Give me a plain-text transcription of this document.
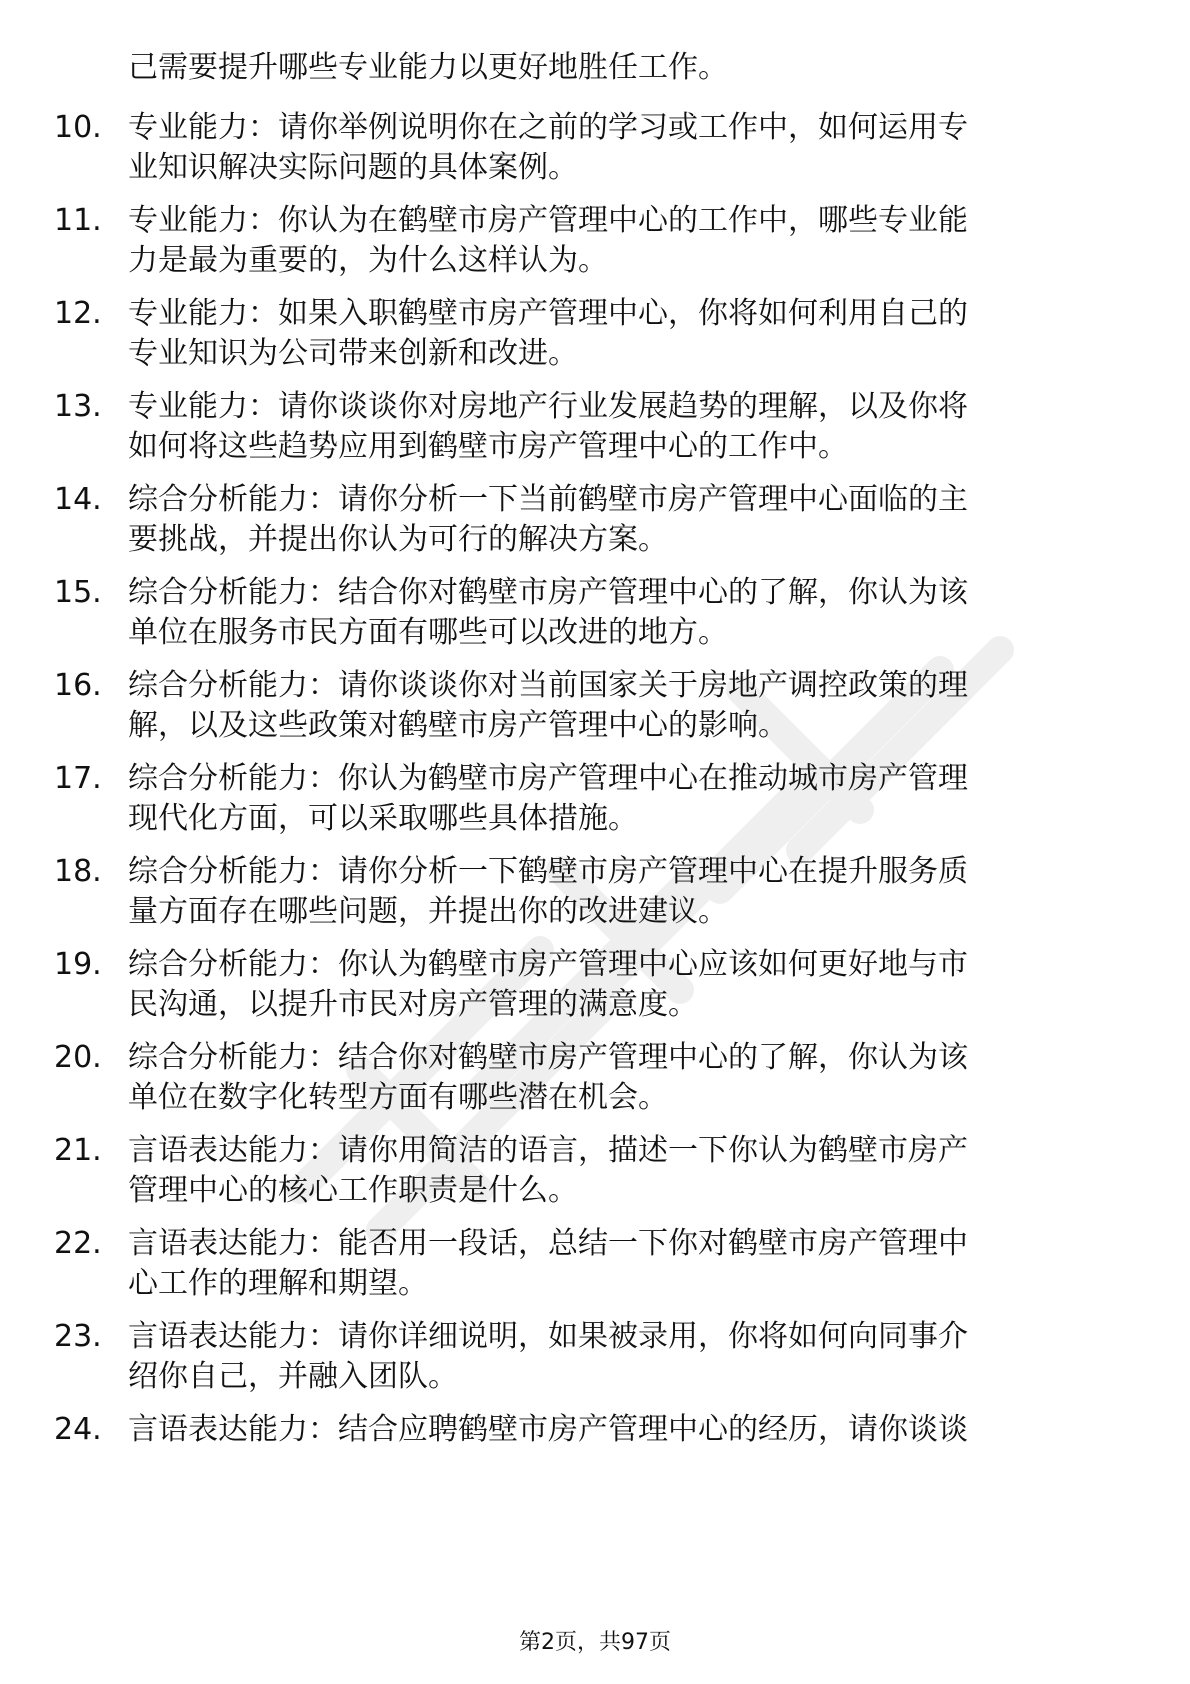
己需要提升哪些专业能力以更好地胜任工作。
10. 专业能力：请你举例说明你在之前的学习或工作中，如何运用专
业知识解决实际问题的具体案例。
11. 专业能力：你认为在鹤壁市房产管理中心的工作中，哪些专业能
力是最为重要的，为什么这样认为。
12. 专业能力：如果入职鹤壁市房产管理中心，你将如何利用自己的
专业知识为公司带来创新和改进。
13. 专业能力：请你谈谈你对房地产行业发展趋势的理解，以及你将
如何将这些趋势应用到鹤壁市房产管理中心的工作中。
14. 综合分析能力：请你分析一下当前鹤壁市房产管理中心面临的主
要挑战，并提出你认为可行的解决方案。
15. 综合分析能力：结合你对鹤壁市房产管理中心的了解，你认为该
单位在服务市民方面有哪些可以改进的地方。
16. 综合分析能力：请你谈谈你对当前国家关于房地产调控政策的理
解，以及这些政策对鹤壁市房产管理中心的影响。
17. 综合分析能力：你认为鹤壁市房产管理中心在推动城市房产管理
现代化方面，可以采取哪些具体措施。
18. 综合分析能力：请你分析一下鹤壁市房产管理中心在提升服务质
量方面存在哪些问题，并提出你的改进建议。
19. 综合分析能力：你认为鹤壁市房产管理中心应该如何更好地与市
民沟通，以提升市民对房产管理的满意度。
20. 综合分析能力：结合你对鹤壁市房产管理中心的了解，你认为该
单位在数字化转型方面有哪些潜在机会。
21. 言语表达能力：请你用简洁的语言，描述一下你认为鹤壁市房产
管理中心的核心工作职责是什么。
22. 言语表达能力：能否用一段话，总结一下你对鹤壁市房产管理中
心工作的理解和期望。
23. 言语表达能力：请你详细说明，如果被录用，你将如何向同事介
绍你自己，并融入团队。
24. 言语表达能力：结合应聘鹤壁市房产管理中心的经历，请你谈谈
第2页，共97页
